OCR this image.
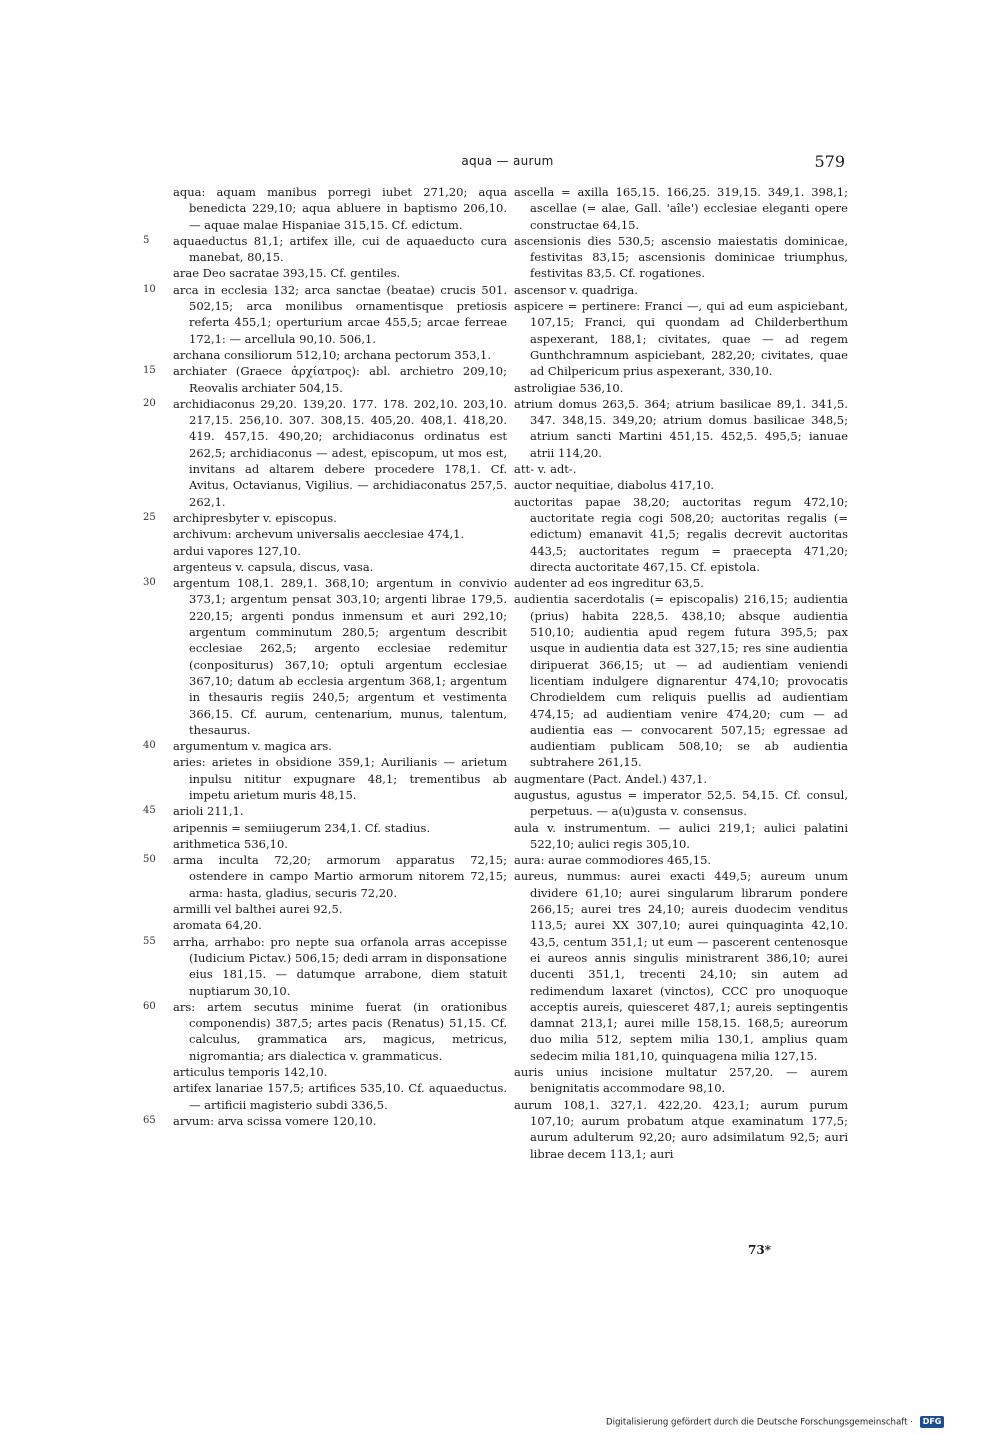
aqua — aurum	579

aqua: aquam manibus porregi iubet 271,20; aqua benedicta 229,10; aqua abluere in baptismo 206,10. — aquae malae Hispaniae 315,15. Cf. edictum.

5	aquaeductus 81,1; artifex ille, cui de aquaeducto cura manebat, 80,15.

arae Deo sacratae 393,15. Cf. gentiles.

10	arca in ecclesia 132; arca sanctae (beatae) crucis 501. 502,15; arca monilibus ornamentisque pretiosis referta 455,1; operturium arcae 455,5; arcae ferreae 172,1: — arcellula 90,10. 506,1.

archana consiliorum 512,10; archana pectorum 353,1.

15	archiater (Graece ἀρχίατρος): abl. archietro 209,10; Reovalis archiater 504,15.

20	archidiaconus 29,20. 139,20. 177. 178. 202,10. 203,10. 217,15. 256,10. 307. 308,15. 405,20. 408,1. 418,20. 419. 457,15. 490,20; archidiaconus ordinatus est 262,5; archidiaconus — adest, episcopum, ut mos est, invitans ad altarem debere procedere 178,1. Cf. Avitus, Octavianus, Vigilius. — archidiaconatus 257,5. 262,1.

25	archipresbyter v. episcopus.

archivum: archevum universalis aecclesiae 474,1.

ardui vapores 127,10.

argenteus v. capsula, discus, vasa.

30	argentum 108,1. 289,1. 368,10; argentum in convivio 373,1; argentum pensat 303,10; argenti librae 179,5. 220,15; argenti pondus inmensum et auri 292,10; argentum comminutum 280,5; argentum describit ecclesiae 262,5; argento ecclesiae redemitur (conpositurus) 367,10; optuli argentum ecclesiae 367,10; datum ab ecclesia argentum 368,1; argentum in thesauris regiis 240,5; argentum et vestimenta 366,15. Cf. aurum, centenarium, munus, talentum, thesaurus.

40	argumentum v. magica ars.

aries: arietes in obsidione 359,1; Aurilianis — arietum inpulsu nititur expugnare 48,1; trementibus ab impetu arietum muris 48,15.

45	arioli 211,1.

aripennis = semiiugerum 234,1. Cf. stadius.

arithmetica 536,10.

50	arma inculta 72,20; armorum apparatus 72,15; ostendere in campo Martio armorum nitorem 72,15; arma: hasta, gladius, securis 72,20.

armilli vel balthei aurei 92,5.

aromata 64,20.

55	arrha, arrhabo: pro nepte sua orfanola arras accepisse (Iudicium Pictav.) 506,15; dedi arram in disponsatione eius 181,15. — datumque arrabone, diem statuit nuptiarum 30,10.

60	ars: artem secutus minime fuerat (in orationibus componendis) 387,5; artes pacis (Renatus) 51,15. Cf. calculus, grammatica ars, magicus, metricus, nigromantia; ars dialectica v. grammaticus.

articulus temporis 142,10.

artifex lanariae 157,5; artifices 535,10. Cf. aquaeductus. — artificii magisterio subdi 336,5.

65	arvum: arva scissa vomere 120,10.

ascella = axilla 165,15. 166,25. 319,15. 349,1. 398,1; ascellae (= alae, Gall. 'aîle') ecclesiae eleganti opere constructae 64,15.

ascensionis dies 530,5; ascensio maiestatis dominicae, festivitas 83,15; ascensionis dominicae triumphus, festivitas 83,5. Cf. rogationes.

ascensor v. quadriga.

aspicere = pertinere: Franci —, qui ad eum aspiciebant, 107,15; Franci, qui quondam ad Childerberthum aspexerant, 188,1; civitates, quae — ad regem Gunthchramnum aspiciebant, 282,20; civitates, quae ad Chilpericum prius aspexerant, 330,10.

astroligiae 536,10.

atrium domus 263,5. 364; atrium basilicae 89,1. 341,5. 347. 348,15. 349,20; atrium domus basilicae 348,5; atrium sancti Martini 451,15. 452,5. 495,5; ianuae atrii 114,20.

att- v. adt-.

auctor nequitiae, diabolus 417,10.

auctoritas papae 38,20; auctoritas regum 472,10; auctoritate regia cogi 508,20; auctoritas regalis (= edictum) emanavit 41,5; regalis decrevit auctoritas 443,5; auctoritates regum = praecepta 471,20; directa auctoritate 467,15. Cf. epistola.

audenter ad eos ingreditur 63,5.

audientia sacerdotalis (= episcopalis) 216,15; audientia (prius) habita 228,5. 438,10; absque audientia 510,10; audientia apud regem futura 395,5; pax usque in audientia data est 327,15; res sine audientia diripuerat 366,15; ut — ad audientiam veniendi licentiam indulgere dignarentur 474,10; provocatis Chrodieldem cum reliquis puellis ad audientiam 474,15; ad audientiam venire 474,20; cum — ad audientia eas — convocarent 507,15; egressae ad audientiam publicam 508,10; se ab audientia subtrahere 261,15.

augmentare (Pact. Andel.) 437,1.

augustus, agustus = imperator 52,5. 54,15. Cf. consul, perpetuus. — a(u)gusta v. consensus.

aula v. instrumentum. — aulici 219,1; aulici palatini 522,10; aulici regis 305,10.

aura: aurae commodiores 465,15.

aureus, nummus: aurei exacti 449,5; aureum unum dividere 61,10; aurei singularum librarum pondere 266,15; aurei tres 24,10; aureis duodecim venditus 113,5; aurei XX 307,10; aurei quinquaginta 42,10. 43,5, centum 351,1; ut eum — pascerent centenosque ei aureos annis singulis ministrarent 386,10; aurei ducenti 351,1, trecenti 24,10; sin autem ad redimendum laxaret (vinctos), CCC pro unoquoque acceptis aureis, quiesceret 487,1; aureis septingentis damnat 213,1; aurei mille 158,15. 168,5; aureorum duo milia 512, septem milia 130,1, amplius quam sedecim milia 181,10, quinquagena milia 127,15.

auris unius incisione multatur 257,20. — aurem benignitatis accommodare 98,10.

aurum 108,1. 327,1. 422,20. 423,1; aurum purum 107,10; aurum probatum atque examinatum 177,5; aurum adulterum 92,20; auro adsimilatum 92,5; auri librae decem 113,1; auri

73*
Digitalisierung gefördert durch die Deutsche Forschungsgemeinschaft · DFG
